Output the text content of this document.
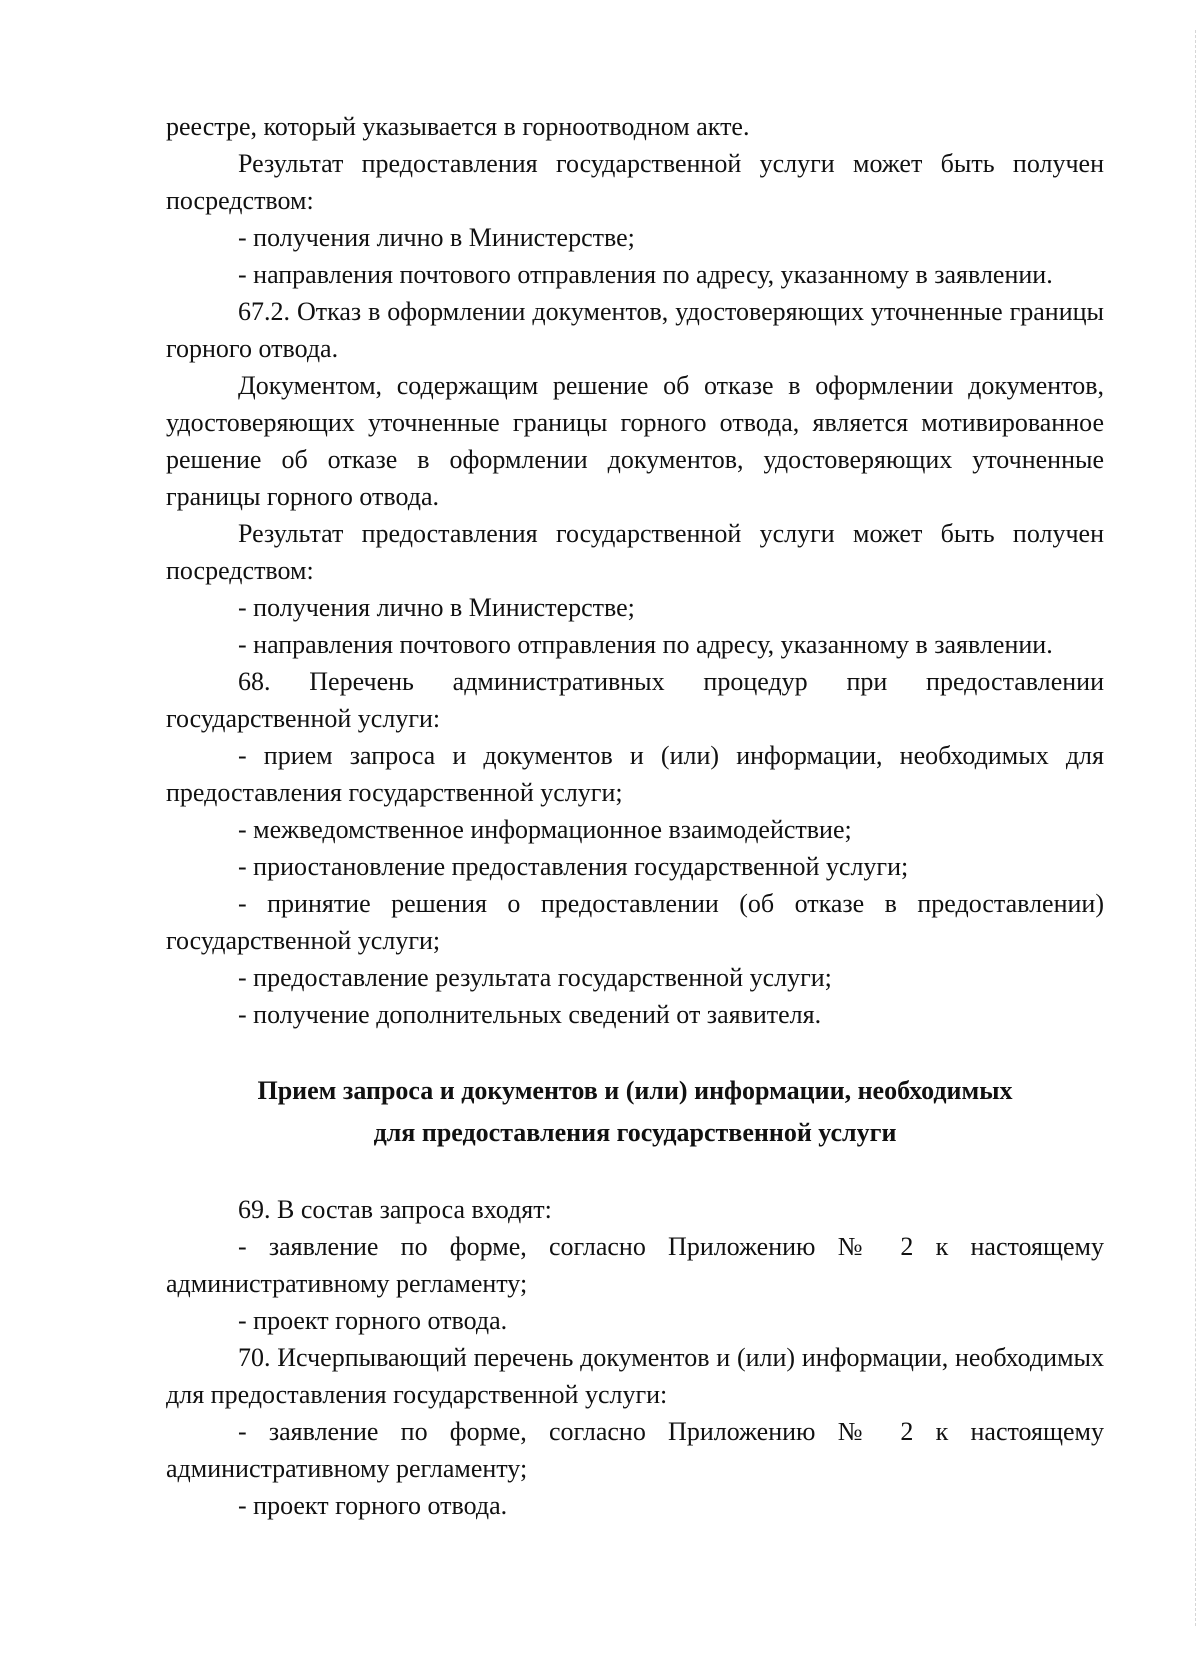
реестре, который указывается в горноотводном акте.

Результат предоставления государственной услуги может быть получен посредством:

- получения лично в Министерстве;

- направления почтового отправления по адресу, указанному в заявлении.

67.2. Отказ в оформлении документов, удостоверяющих уточненные границы горного отвода.

Документом, содержащим решение об отказе в оформлении документов, удостоверяющих уточненные границы горного отвода, является мотивированное решение об отказе в оформлении документов, удостоверяющих уточненные границы горного отвода.

Результат предоставления государственной услуги может быть получен посредством:

- получения лично в Министерстве;

- направления почтового отправления по адресу, указанному в заявлении.

68. Перечень административных процедур при предоставлении государственной услуги:

- прием запроса и документов и (или) информации, необходимых для предоставления государственной услуги;

- межведомственное информационное взаимодействие;

- приостановление предоставления государственной услуги;

- принятие решения о предоставлении (об отказе в предоставлении) государственной услуги;

- предоставление результата государственной услуги;

- получение дополнительных сведений от заявителя.

Прием запроса и документов и (или) информации, необходимых
для предоставления государственной услуги

69. В состав запроса входят:

- заявление по форме, согласно Приложению № 2 к настоящему административному регламенту;

- проект горного отвода.

70. Исчерпывающий перечень документов и (или) информации, необходимых для предоставления государственной услуги:

- заявление по форме, согласно Приложению № 2 к настоящему административному регламенту;

- проект горного отвода.
